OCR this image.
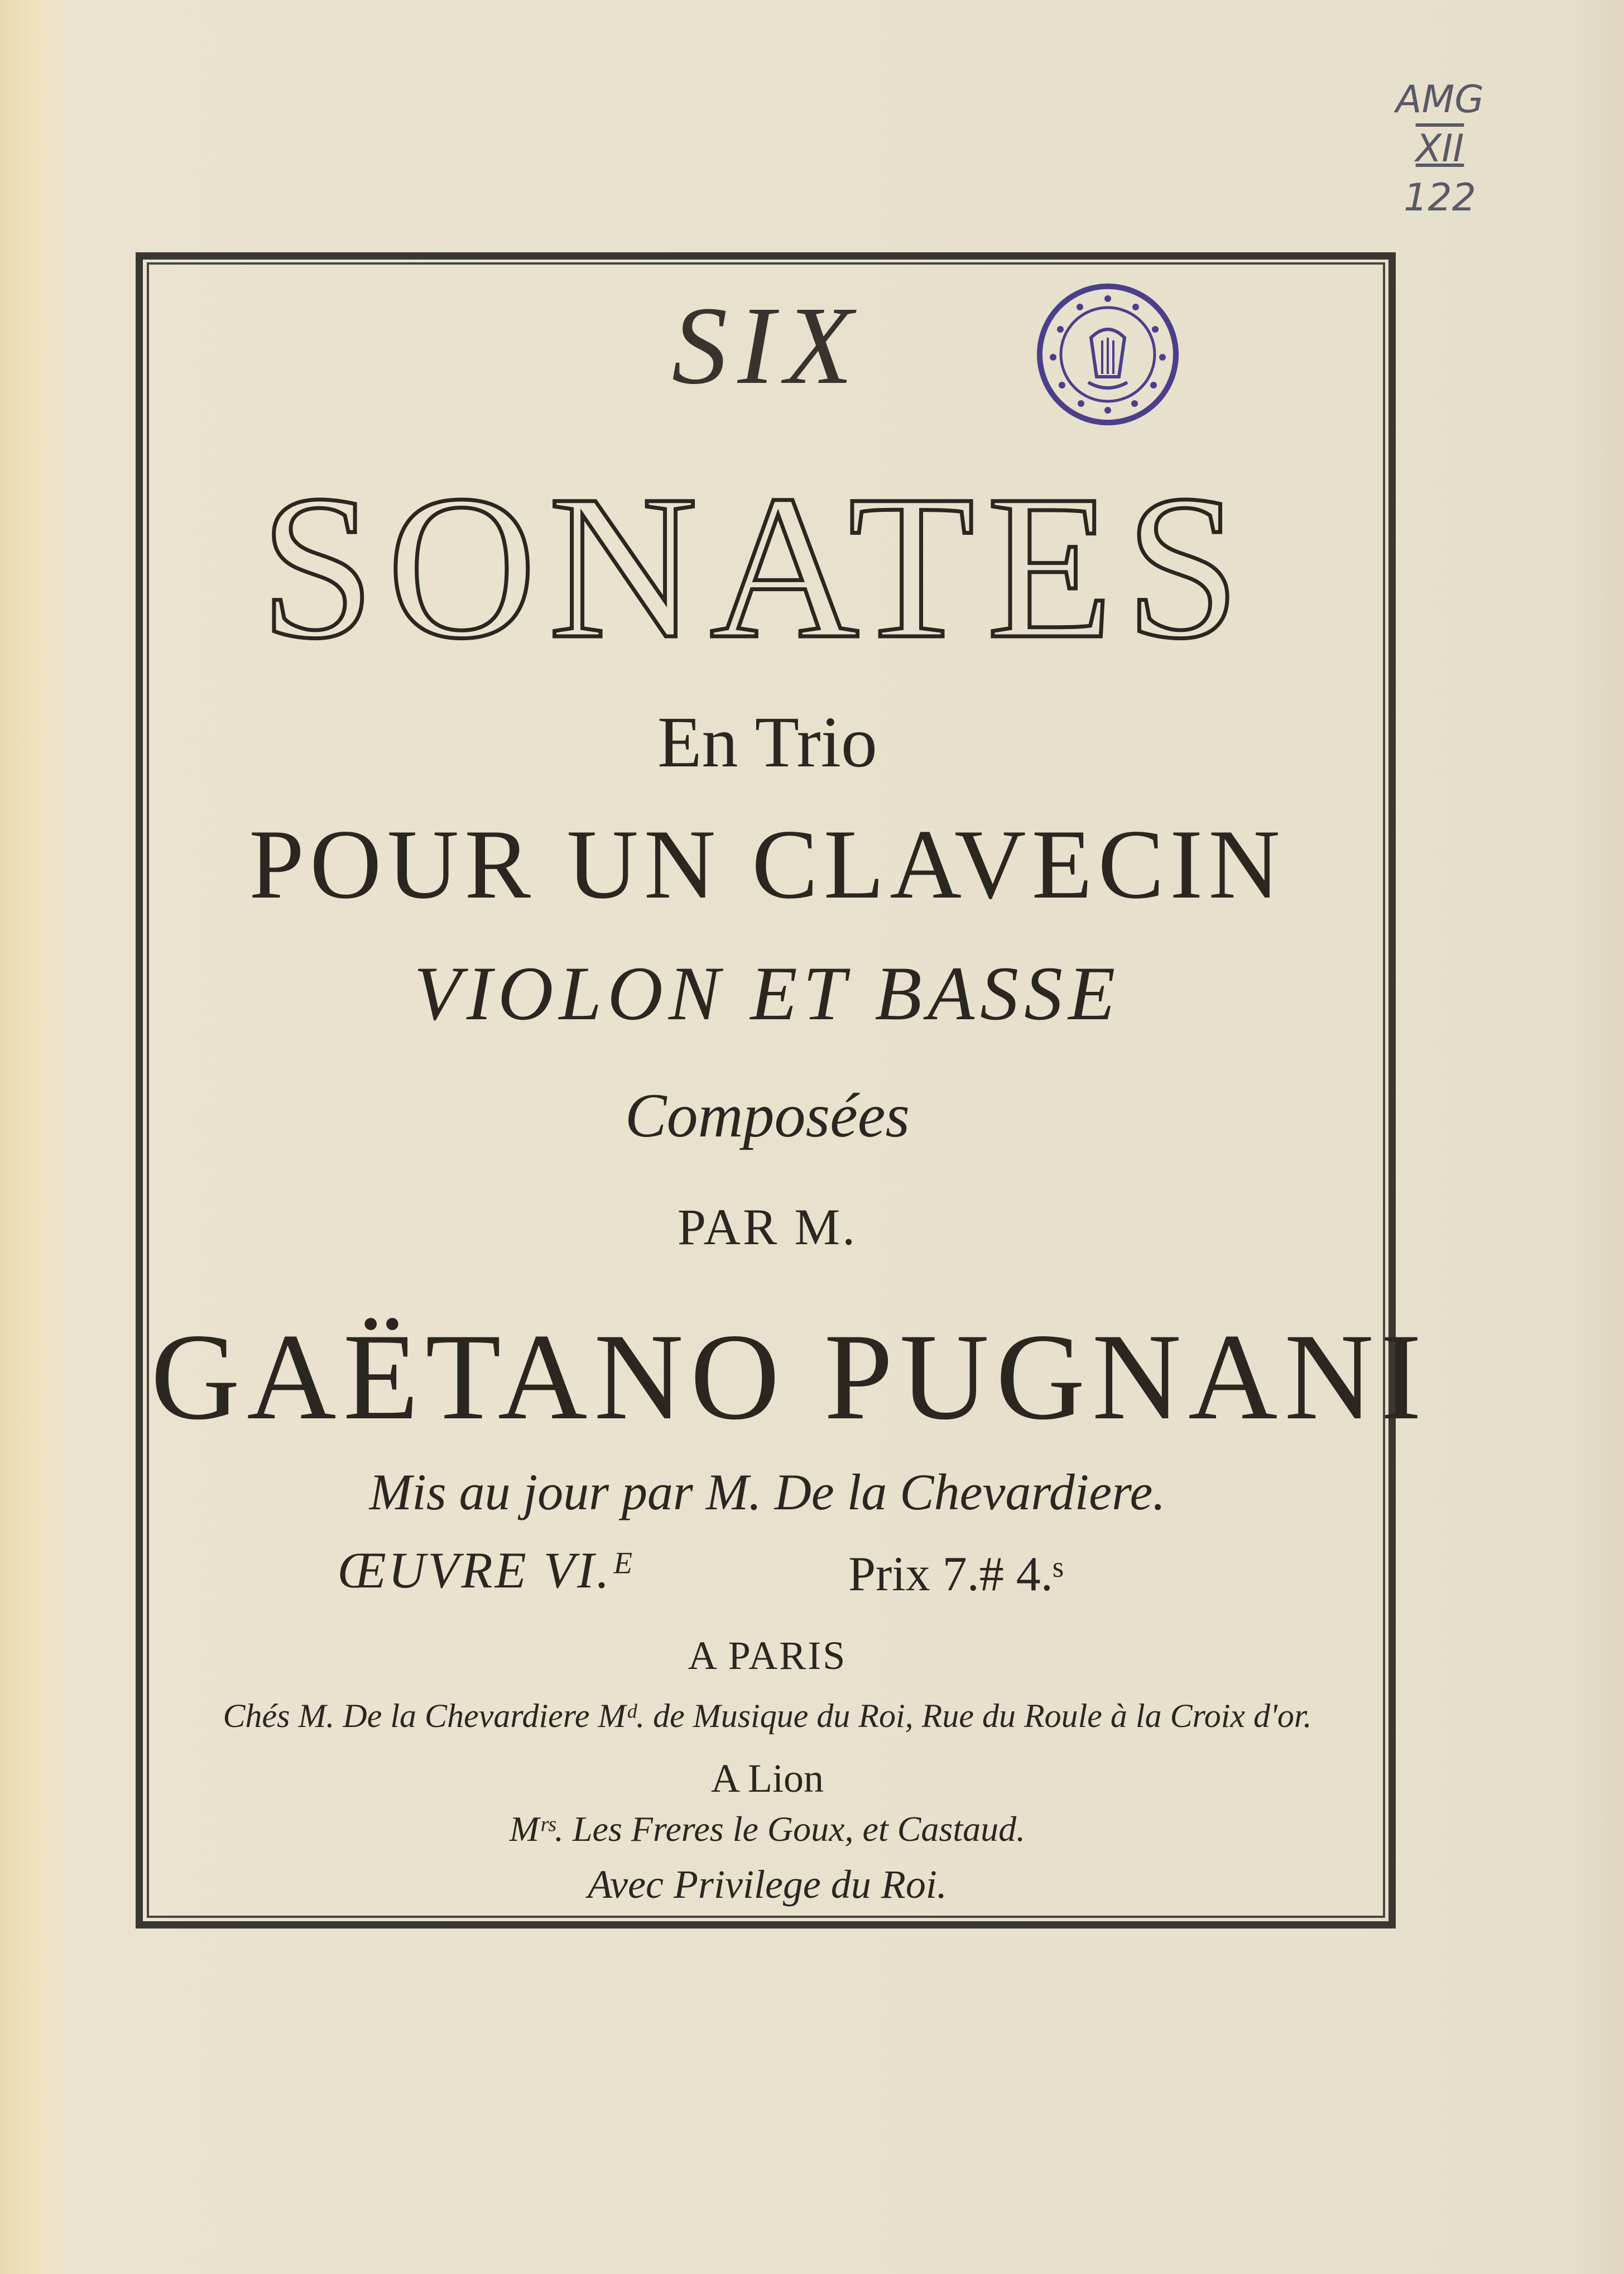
AMG
XII
122
SIX
SONATES
En Trio
POUR UN CLAVECIN
VIOLON ET BASSE
Composées
PAR M.
GAËTANO PUGNANI
Mis au jour par M. De la Chevardiere.
ŒUVRE VI.ᴱ	Prix 7.# 4.ˢ
A PARIS
Chés M. De la Chevardiere Mᵈ. de Musique du Roi, Rue du Roule à la Croix d'or.
A Lion
Mʳˢ. Les Freres le Goux, et Castaud.
Avec Privilege du Roi.
